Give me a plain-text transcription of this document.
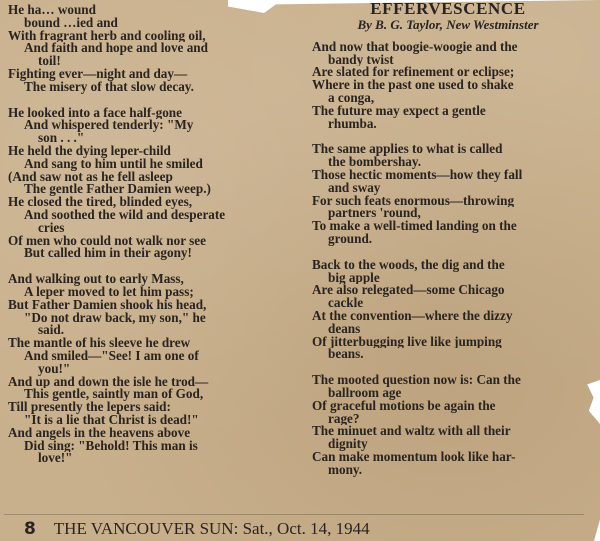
He ha… wound
bound …ied and
With fragrant herb and cooling oil,
And faith and hope and love and
toil!
Fighting ever—night and day—
The misery of that slow decay.
He looked into a face half-gone
And whispered tenderly: "My
son . . ."
He held the dying leper-child
And sang to him until he smiled
(And saw not as he fell asleep
The gentle Father Damien weep.)
He closed the tired, blinded eyes,
And soothed the wild and desperate
cries
Of men who could not walk nor see
But called him in their agony!
And walking out to early Mass,
A leper moved to let him pass;
But Father Damien shook his head,
"Do not draw back, my son," he
said.
The mantle of his sleeve he drew
And smiled—"See! I am one of
you!"
And up and down the isle he trod—
This gentle, saintly man of God,
Till presently the lepers said:
"It is a lie that Christ is dead!"
And angels in the heavens above
Did sing: "Behold! This man is
love!"
EFFERVESCENCE
By B. G. Taylor, New Westminster
And now that boogie-woogie and the
bandy twist
Are slated for refinement or eclipse;
Where in the past one used to shake
a conga,
The future may expect a gentle
rhumba.
The same applies to what is called
the bombershay.
Those hectic moments—how they fall
and sway
For such feats enormous—throwing
partners 'round,
To make a well-timed landing on the
ground.
Back to the woods, the dig and the
big apple
Are also relegated—some Chicago
cackle
At the convention—where the dizzy
deans
Of jitterbugging live like jumping
beans.
The mooted question now is: Can the
ballroom age
Of graceful motions be again the
rage?
The minuet and waltz with all their
dignity
Can make momentum look like har-
mony.
8 THE VANCOUVER SUN: Sat., Oct. 14, 1944
